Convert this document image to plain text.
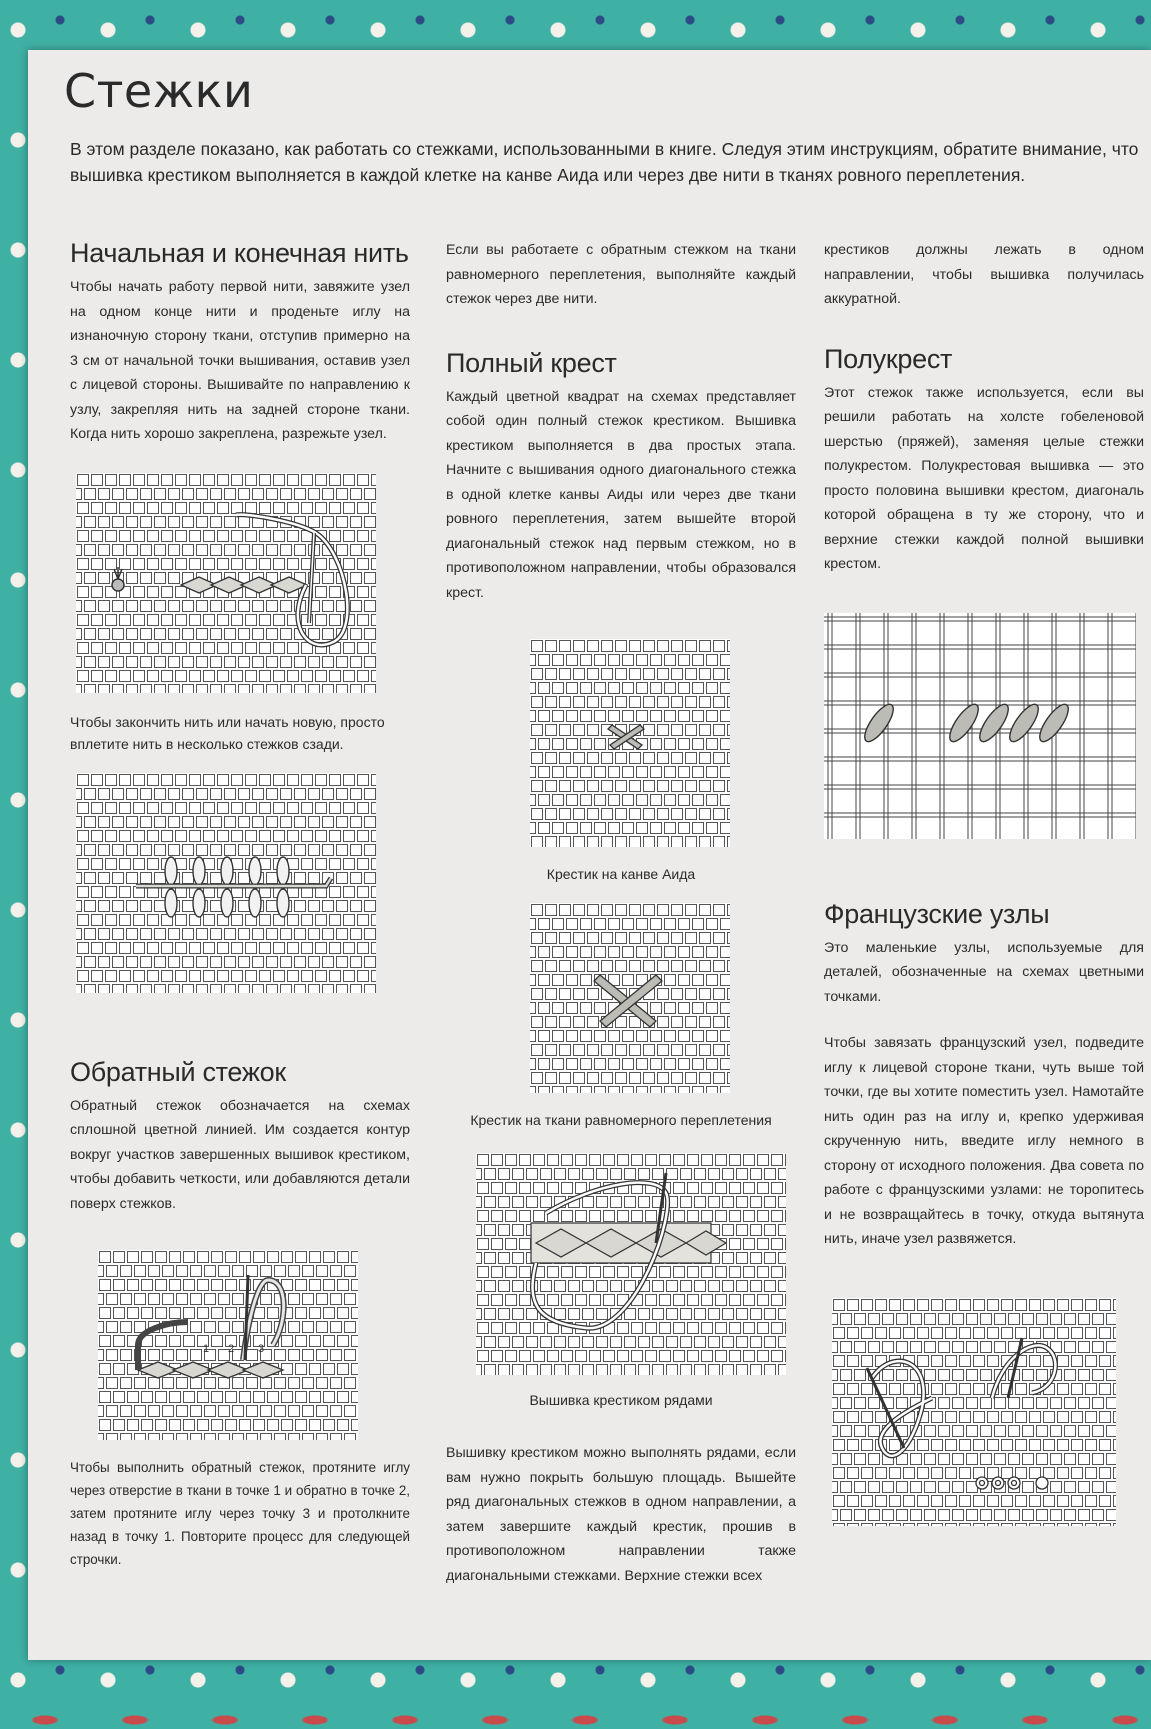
Стежки

В этом разделе показано, как работать со стежками, использованными в книге. Следуя этим инструкциям, обратите внимание, что вышивка крестиком выполняется в каждой клетке на канве Аида или через две нити в тканях ровного переплетения.

Начальная и конечная нить

Чтобы начать работу первой нити, завяжите узел на одном конце нити и проденьте иглу на изнаночную сторону ткани, отступив примерно на 3 см от начальной точки вышивания, оставив узел с лицевой стороны. Вышивайте по направлению к узлу, закрепляя нить на задней стороне ткани. Когда нить хорошо закреплена, разрежьте узел.

Чтобы закончить нить или начать новую, просто вплетите нить в несколько стежков сзади.

Обратный стежок

Обратный стежок обозначается на схемах сплошной цветной линией. Им создается контур вокруг участков завершенных вышивок крестиком, чтобы добавить четкости, или добавляются детали поверх стежков.

1 2 3

Чтобы выполнить обратный стежок, протяните иглу через отверстие в ткани в точке 1 и обратно в точке 2, затем протяните иглу через точку 3 и протолкните назад в точку 1. Повторите процесс для следующей строчки.

Если вы работаете с обратным стежком на ткани равномерного переплетения, выполняйте каждый стежок через две нити.

Полный крест

Каждый цветной квадрат на схемах представляет собой один полный стежок крестиком. Вышивка крестиком выполняется в два простых этапа. Начните с вышивания одного диагонального стежка в одной клетке канвы Аиды или через две ткани ровного переплетения, затем вышейте второй диагональный стежок над первым стежком, но в противоположном направлении, чтобы образовался крест.

Крестик на канве Аида

Крестик на ткани равномерного переплетения

Вышивка крестиком рядами

Вышивку крестиком можно выполнять рядами, если вам нужно покрыть большую площадь. Вышейте ряд диагональных стежков в одном направлении, а затем завершите каждый крестик, прошив в противоположном направлении также диагональными стежками. Верхние стежки всех

крестиков должны лежать в одном направлении, чтобы вышивка получилась аккуратной.

Полукрест

Этот стежок также используется, если вы решили работать на холсте гобеленовой шерстью (пряжей), заменяя целые стежки полукрестом. Полукрестовая вышивка — это просто половина вышивки крестом, диагональ которой обращена в ту же сторону, что и верхние стежки каждой полной вышивки крестом.

Французские узлы

Это маленькие узлы, используемые для деталей, обозначенные на схемах цветными точками.

Чтобы завязать французский узел, подведите иглу к лицевой стороне ткани, чуть выше той точки, где вы хотите поместить узел. Намотайте нить один раз на иглу и, крепко удерживая скрученную нить, введите иглу немного в сторону от исходного положения. Два совета по работе с французскими узлами: не торопитесь и не возвращайтесь в точку, откуда вытянута нить, иначе узел развяжется.
